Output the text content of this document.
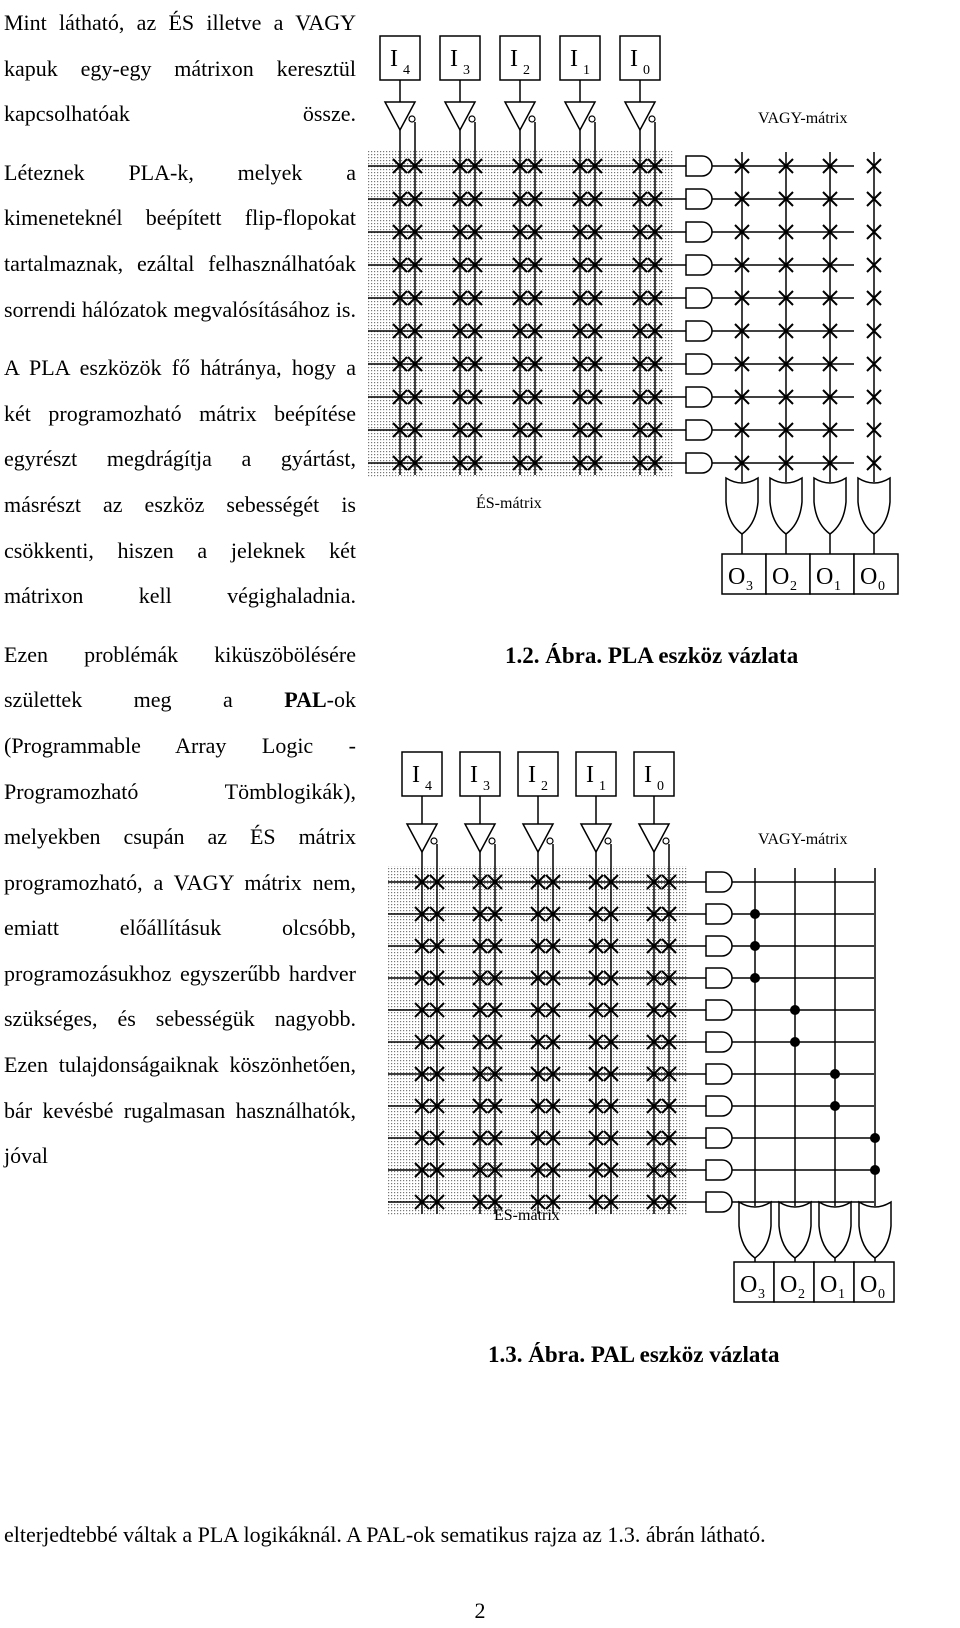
Mint látható, az ÉS illetve a VAGY kapuk egy-egy mátrixon keresztül kapcsolhatóak össze.

Léteznek PLA-k, melyek a kimeneteknél beépített flip-flopokat tartalmaznak, ezáltal felhasználhatóak sorrendi hálózatok megvalósításához is.

A PLA eszközök fő hátránya, hogy a két programozható mátrix beépítése egyrészt megdrágítja a gyártást, másrészt az eszköz sebességét is csökkenti, hiszen a jeleknek két mátrixon kell végighaladnia.

Ezen problémák kiküszöbölésére születtek meg a PAL-ok (Programmable Array Logic - Programozható Tömblogikák), melyekben csupán az ÉS mátrix programozható, a VAGY mátrix nem, emiatt előállításuk olcsóbb, programozásukhoz egyszerűbb hardver szükséges, és sebességük nagyobb. Ezen tulajdonságaiknak köszönhetően, bár kevésbé rugalmasan használhatók, jóval

I 4 I 3 I 2 I 1 I 0
O 3 O 2 O 1 O 0
VAGY-mátrix
ÉS-mátrix
1.2. Ábra. PLA eszköz vázlata
I 4 I 3 I 2 I 1 I 0
O 3 O 2 O 1 O 0
VAGY-mátrix
ÉS-mátrix
1.3. Ábra. PAL eszköz vázlata
elterjedtebbé váltak a PLA logikáknál. A PAL-ok sematikus rajza az 1.3. ábrán látható.
2
